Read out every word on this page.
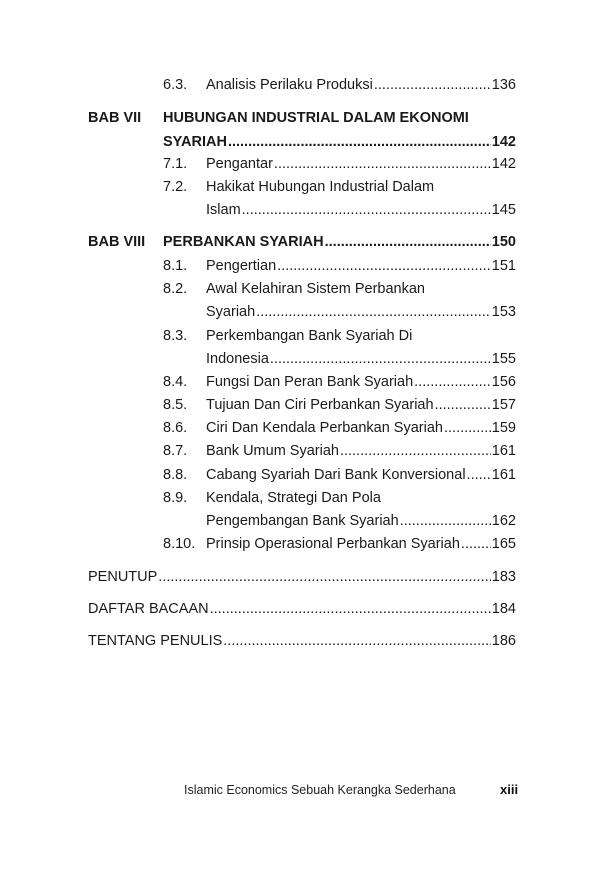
6.3. Analisis Perilaku Produksi .....	136
BAB VII HUBUNGAN INDUSTRIAL DALAM EKONOMI
SYARIAH .....	142
7.1. Pengantar .....	142
7.2. Hakikat Hubungan Industrial Dalam
Islam .....	145
BAB VIII PERBANKAN SYARIAH .....	150
8.1. Pengertian .....	151
8.2. Awal Kelahiran Sistem Perbankan
Syariah .....	153
8.3. Perkembangan Bank Syariah Di
Indonesia .....	155
8.4. Fungsi Dan Peran Bank Syariah .....	156
8.5. Tujuan Dan Ciri Perbankan Syariah .....	157
8.6. Ciri Dan Kendala Perbankan Syariah .....	159
8.7. Bank Umum Syariah .....	161
8.8. Cabang Syariah Dari Bank Konversional ..... 161
8.9. Kendala, Strategi Dan Pola
Pengembangan Bank Syariah .....	162
8.10. Prinsip Operasional Perbankan Syariah ..... 165
PENUTUP .....	183
DAFTAR BACAAN .....	184
TENTANG PENULIS .....	186
Islamic Economics Sebuah Kerangka Sederhana	xiii
